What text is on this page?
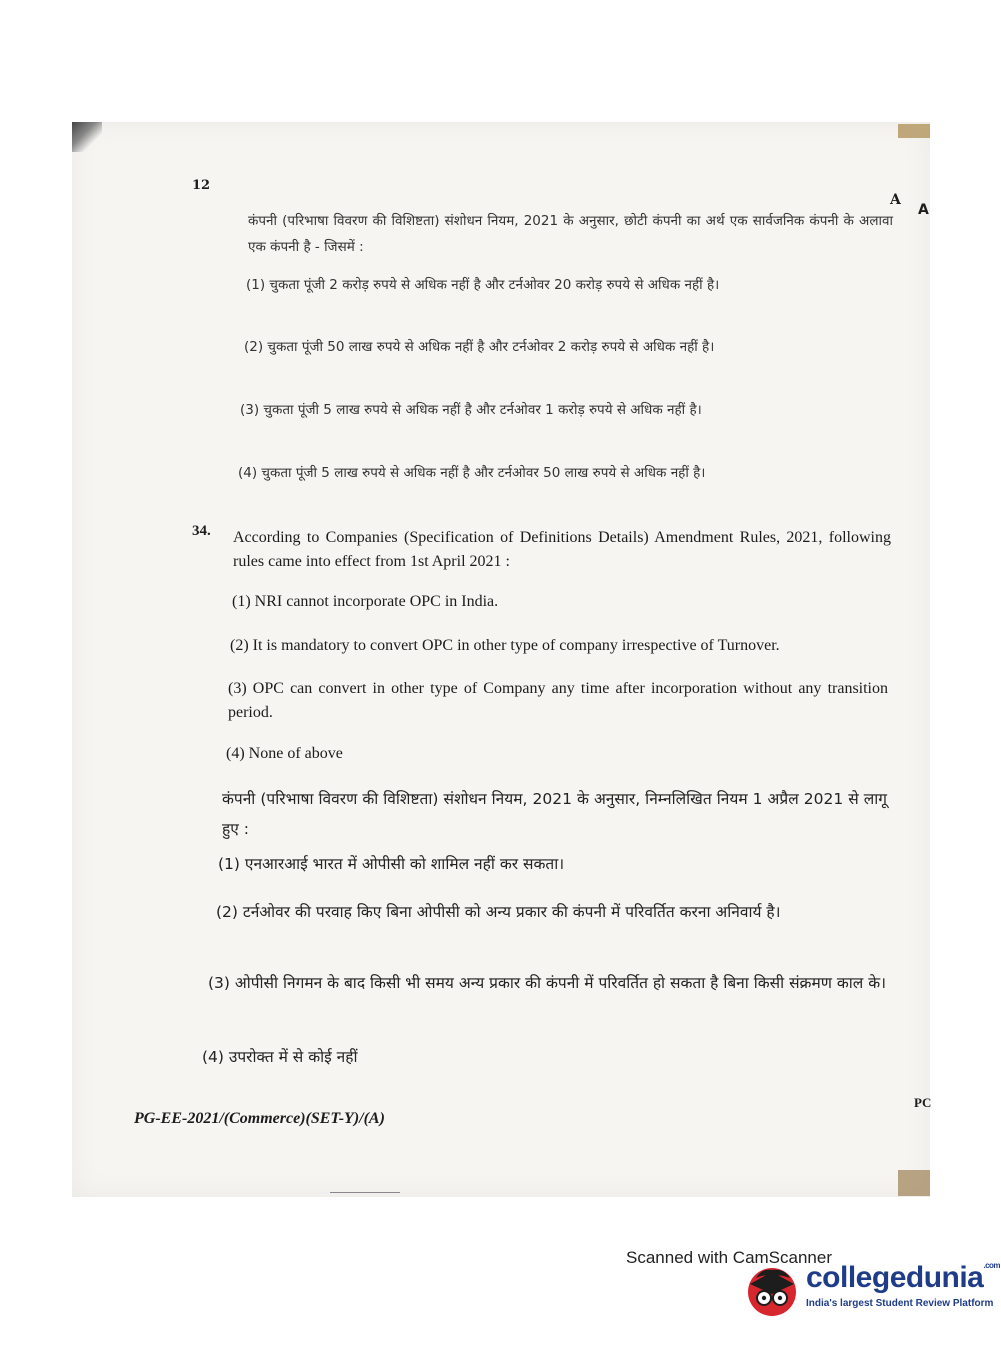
12
A
A
कंपनी (परिभाषा विवरण की विशिष्टता) संशोधन नियम, 2021 के अनुसार, छोटी कंपनी का अर्थ एक सार्वजनिक कंपनी के अलावा एक कंपनी है - जिसमें :
(1) चुकता पूंजी 2 करोड़ रुपये से अधिक नहीं है और टर्नओवर 20 करोड़ रुपये से अधिक नहीं है।
(2) चुकता पूंजी 50 लाख रुपये से अधिक नहीं है और टर्नओवर 2 करोड़ रुपये से अधिक नहीं है।
(3) चुकता पूंजी 5 लाख रुपये से अधिक नहीं है और टर्नओवर 1 करोड़ रुपये से अधिक नहीं है।
(4) चुकता पूंजी 5 लाख रुपये से अधिक नहीं है और टर्नओवर 50 लाख रुपये से अधिक नहीं है।
34. According to Companies (Specification of Definitions Details) Amendment Rules, 2021, following rules came into effect from 1st April 2021 :
(1) NRI cannot incorporate OPC in India.
(2) It is mandatory to convert OPC in other type of company irrespective of Turnover.
(3) OPC can convert in other type of Company any time after incorporation without any transition period.
(4) None of above
कंपनी (परिभाषा विवरण की विशिष्टता) संशोधन नियम, 2021 के अनुसार, निम्नलिखित नियम 1 अप्रैल 2021 से लागू हुए :
(1) एनआरआई भारत में ओपीसी को शामिल नहीं कर सकता।
(2) टर्नओवर की परवाह किए बिना ओपीसी को अन्य प्रकार की कंपनी में परिवर्तित करना अनिवार्य है।
(3) ओपीसी निगमन के बाद किसी भी समय अन्य प्रकार की कंपनी में परिवर्तित हो सकता है बिना किसी संक्रमण काल के।
(4) उपरोक्त में से कोई नहीं
PG-EE-2021/(Commerce)(SET-Y)/(A)
PC
Scanned with CamScanner
collegedunia$^{.com}$
India's largest Student Review Platform
